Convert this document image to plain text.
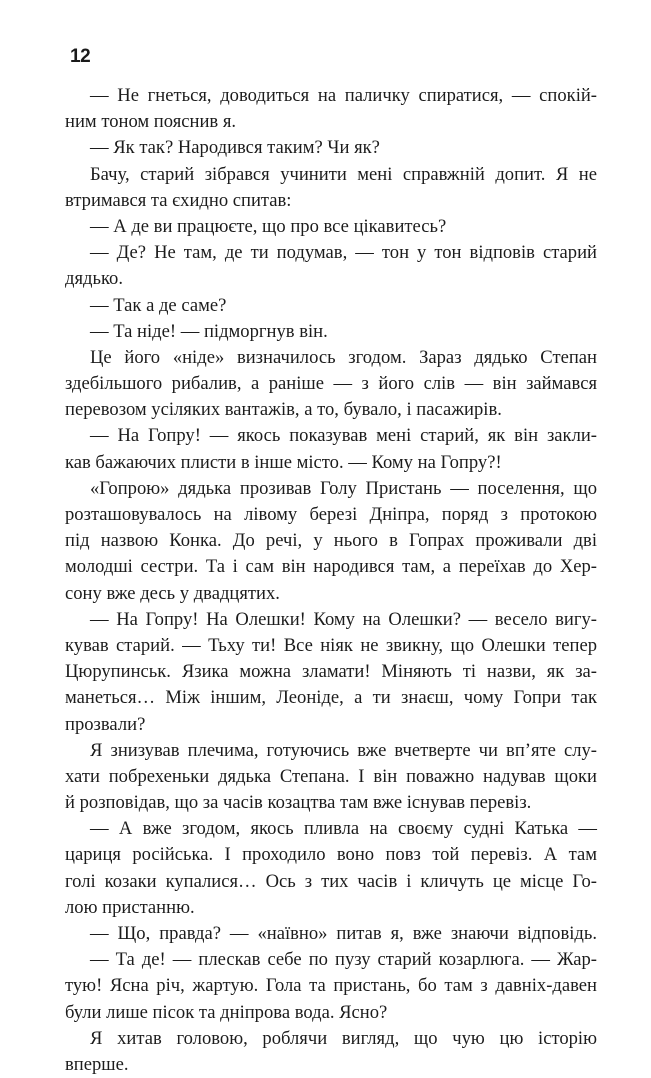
12
— Не гнеться, доводиться на паличку спиратися, — спокій-
ним тоном пояснив я.
— Як так? Народився таким? Чи як?
Бачу, старий зібрався учинити мені справжній допит. Я не
втримався та єхидно спитав:
— А де ви працюєте, що про все цікавитесь?
— Де? Не там, де ти подумав, — тон у тон відповів старий
дядько.
— Так а де саме?
— Та ніде! — підморгнув він.
Це його «ніде» визначилось згодом. Зараз дядько Степан
здебільшого рибалив, а раніше — з його слів — він займався
перевозом усіляких вантажів, а то, бувало, і пасажирів.
— На Гопру! — якось показував мені старий, як він закли-
кав бажаючих плисти в інше місто. — Кому на Гопру?!
«Гопрою» дядька прозивав Голу Пристань — поселення, що
розташовувалось на лівому березі Дніпра, поряд з протокою
під назвою Конка. До речі, у нього в Гопрах проживали дві
молодші сестри. Та і сам він народився там, а переїхав до Хер-
сону вже десь у двадцятих.
— На Гопру! На Олешки! Кому на Олешки? — весело вигу-
кував старий. — Тьху ти! Все ніяк не звикну, що Олешки тепер
Цюрупинськ. Язика можна зламати! Міняють ті назви, як за-
манеться… Між іншим, Леоніде, а ти знаєш, чому Гопри так
прозвали?
Я знизував плечима, готуючись вже вчетверте чи вп’яте слу-
хати побрехеньки дядька Степана. І він поважно надував щоки
й розповідав, що за часів козацтва там вже існував перевіз.
— А вже згодом, якось пливла на своєму судні Катька —
цариця російська. І проходило воно повз той перевіз. А там
голі козаки купалися… Ось з тих часів і кличуть це місце Го-
лою пристанню.
— Що, правда? — «наївно» питав я, вже знаючи відповідь.
— Та де! — плескав себе по пузу старий козарлюга. — Жар-
тую! Ясна річ, жартую. Гола та пристань, бо там з давніх-давен
були лише пісок та дніпрова вода. Ясно?
Я хитав головою, роблячи вигляд, що чую цю історію
вперше.
